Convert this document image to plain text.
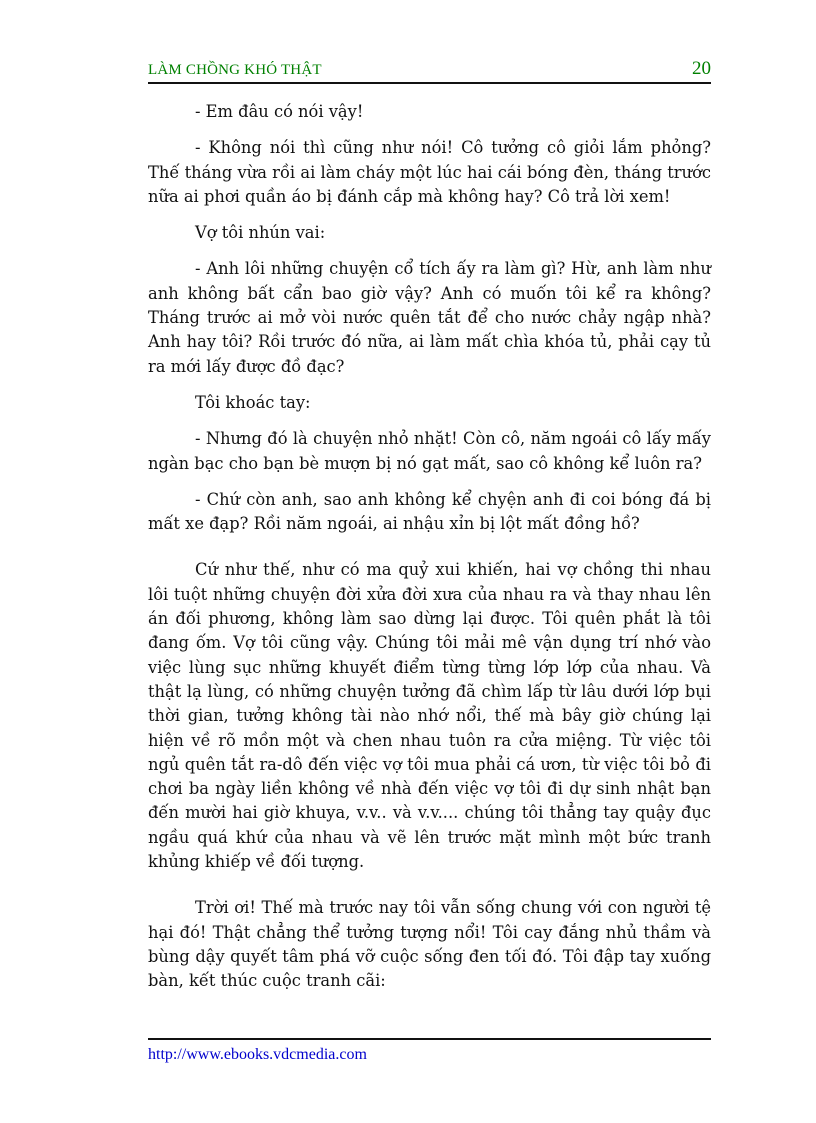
LÀM CHỒNG KHÓ THẬT	20

- Em đâu có nói vậy!

- Không nói thì cũng như nói! Cô tưởng cô giỏi lắm phỏng? Thế tháng vừa rồi ai làm cháy một lúc hai cái bóng đèn, tháng trước nữa ai phơi quần áo bị đánh cắp mà không hay? Cô trả lời xem!

Vợ tôi nhún vai:

- Anh lôi những chuyện cổ tích ấy ra làm gì? Hừ, anh làm như anh không bất cẩn bao giờ vậy? Anh có muốn tôi kể ra không? Tháng trước ai mở vòi nước quên tắt để cho nước chảy ngập nhà? Anh hay tôi? Rồi trước đó nữa, ai làm mất chìa khóa tủ, phải cạy tủ ra mới lấy được đồ đạc?

Tôi khoác tay:

- Nhưng đó là chuyện nhỏ nhặt! Còn cô, năm ngoái cô lấy mấy ngàn bạc cho bạn bè mượn bị nó gạt mất, sao cô không kể luôn ra?

- Chứ còn anh, sao anh không kể chyện anh đi coi bóng đá bị mất xe đạp? Rồi năm ngoái, ai nhậu xỉn bị lột mất đồng hồ?

Cứ như thế, như có ma quỷ xui khiến, hai vợ chồng thi nhau lôi tuột những chuyện đời xửa đời xưa của nhau ra và thay nhau lên án đối phương, không làm sao dừng lại được. Tôi quên phắt là tôi đang ốm. Vợ tôi cũng vậy. Chúng tôi mải mê vận dụng trí nhớ vào việc lùng sục những khuyết điểm từng từng lớp lớp của nhau. Và thật lạ lùng, có những chuyện tưởng đã chìm lấp từ lâu dưới lớp bụi thời gian, tưởng không tài nào nhớ nổi, thế mà bây giờ chúng lại hiện về rõ mồn một và chen nhau tuôn ra cửa miệng. Từ việc tôi ngủ quên tắt ra-dô đến việc vợ tôi mua phải cá ươn, từ việc tôi bỏ đi chơi ba ngày liền không về nhà đến việc vợ tôi đi dự sinh nhật bạn đến mười hai giờ khuya, v.v.. và v.v.... chúng tôi thẳng tay quậy đục ngầu quá khứ của nhau và vẽ lên trước mặt mình một bức tranh khủng khiếp về đối tượng.

Trời ơi! Thế mà trước nay tôi vẫn sống chung với con người tệ hại đó! Thật chẳng thể tưởng tượng nổi! Tôi cay đắng nhủ thầm và bùng dậy quyết tâm phá vỡ cuộc sống đen tối đó. Tôi đập tay xuống bàn, kết thúc cuộc tranh cãi:

http://www.ebooks.vdcmedia.com
